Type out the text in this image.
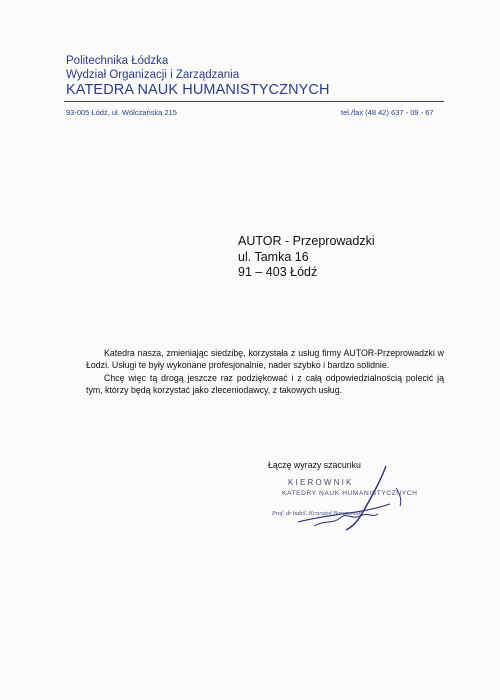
Politechnika Łódzka
Wydział Organizacji i Zarządzania
KATEDRA NAUK HUMANISTYCZNYCH
93-005 Łódź, ul. Wólczańska 215	tel./fax (48 42) 637 - 09 - 67
AUTOR - Przeprowadzki
ul. Tamka 16
91 – 403 Łódź

Katedra nasza, zmieniając siedzibę, korzystała z usług firmy AUTOR-Przeprowadzki w Łodzi. Usługi te były wykonane profesjonalnie, nader szybko i bardzo solidnie.

Chcę więc tą drogą jeszcze raz podziękować i z całą odpowiedzialnością polecić ją tym, którzy będą korzystać jako zleceniodawcy, z takowych usług.

Łączę wyrazy szacunku
KIEROWNIK
KATEDRY NAUK HUMANISTYCZNYCH
Prof. dr habil. Krzysztof Baranowski
